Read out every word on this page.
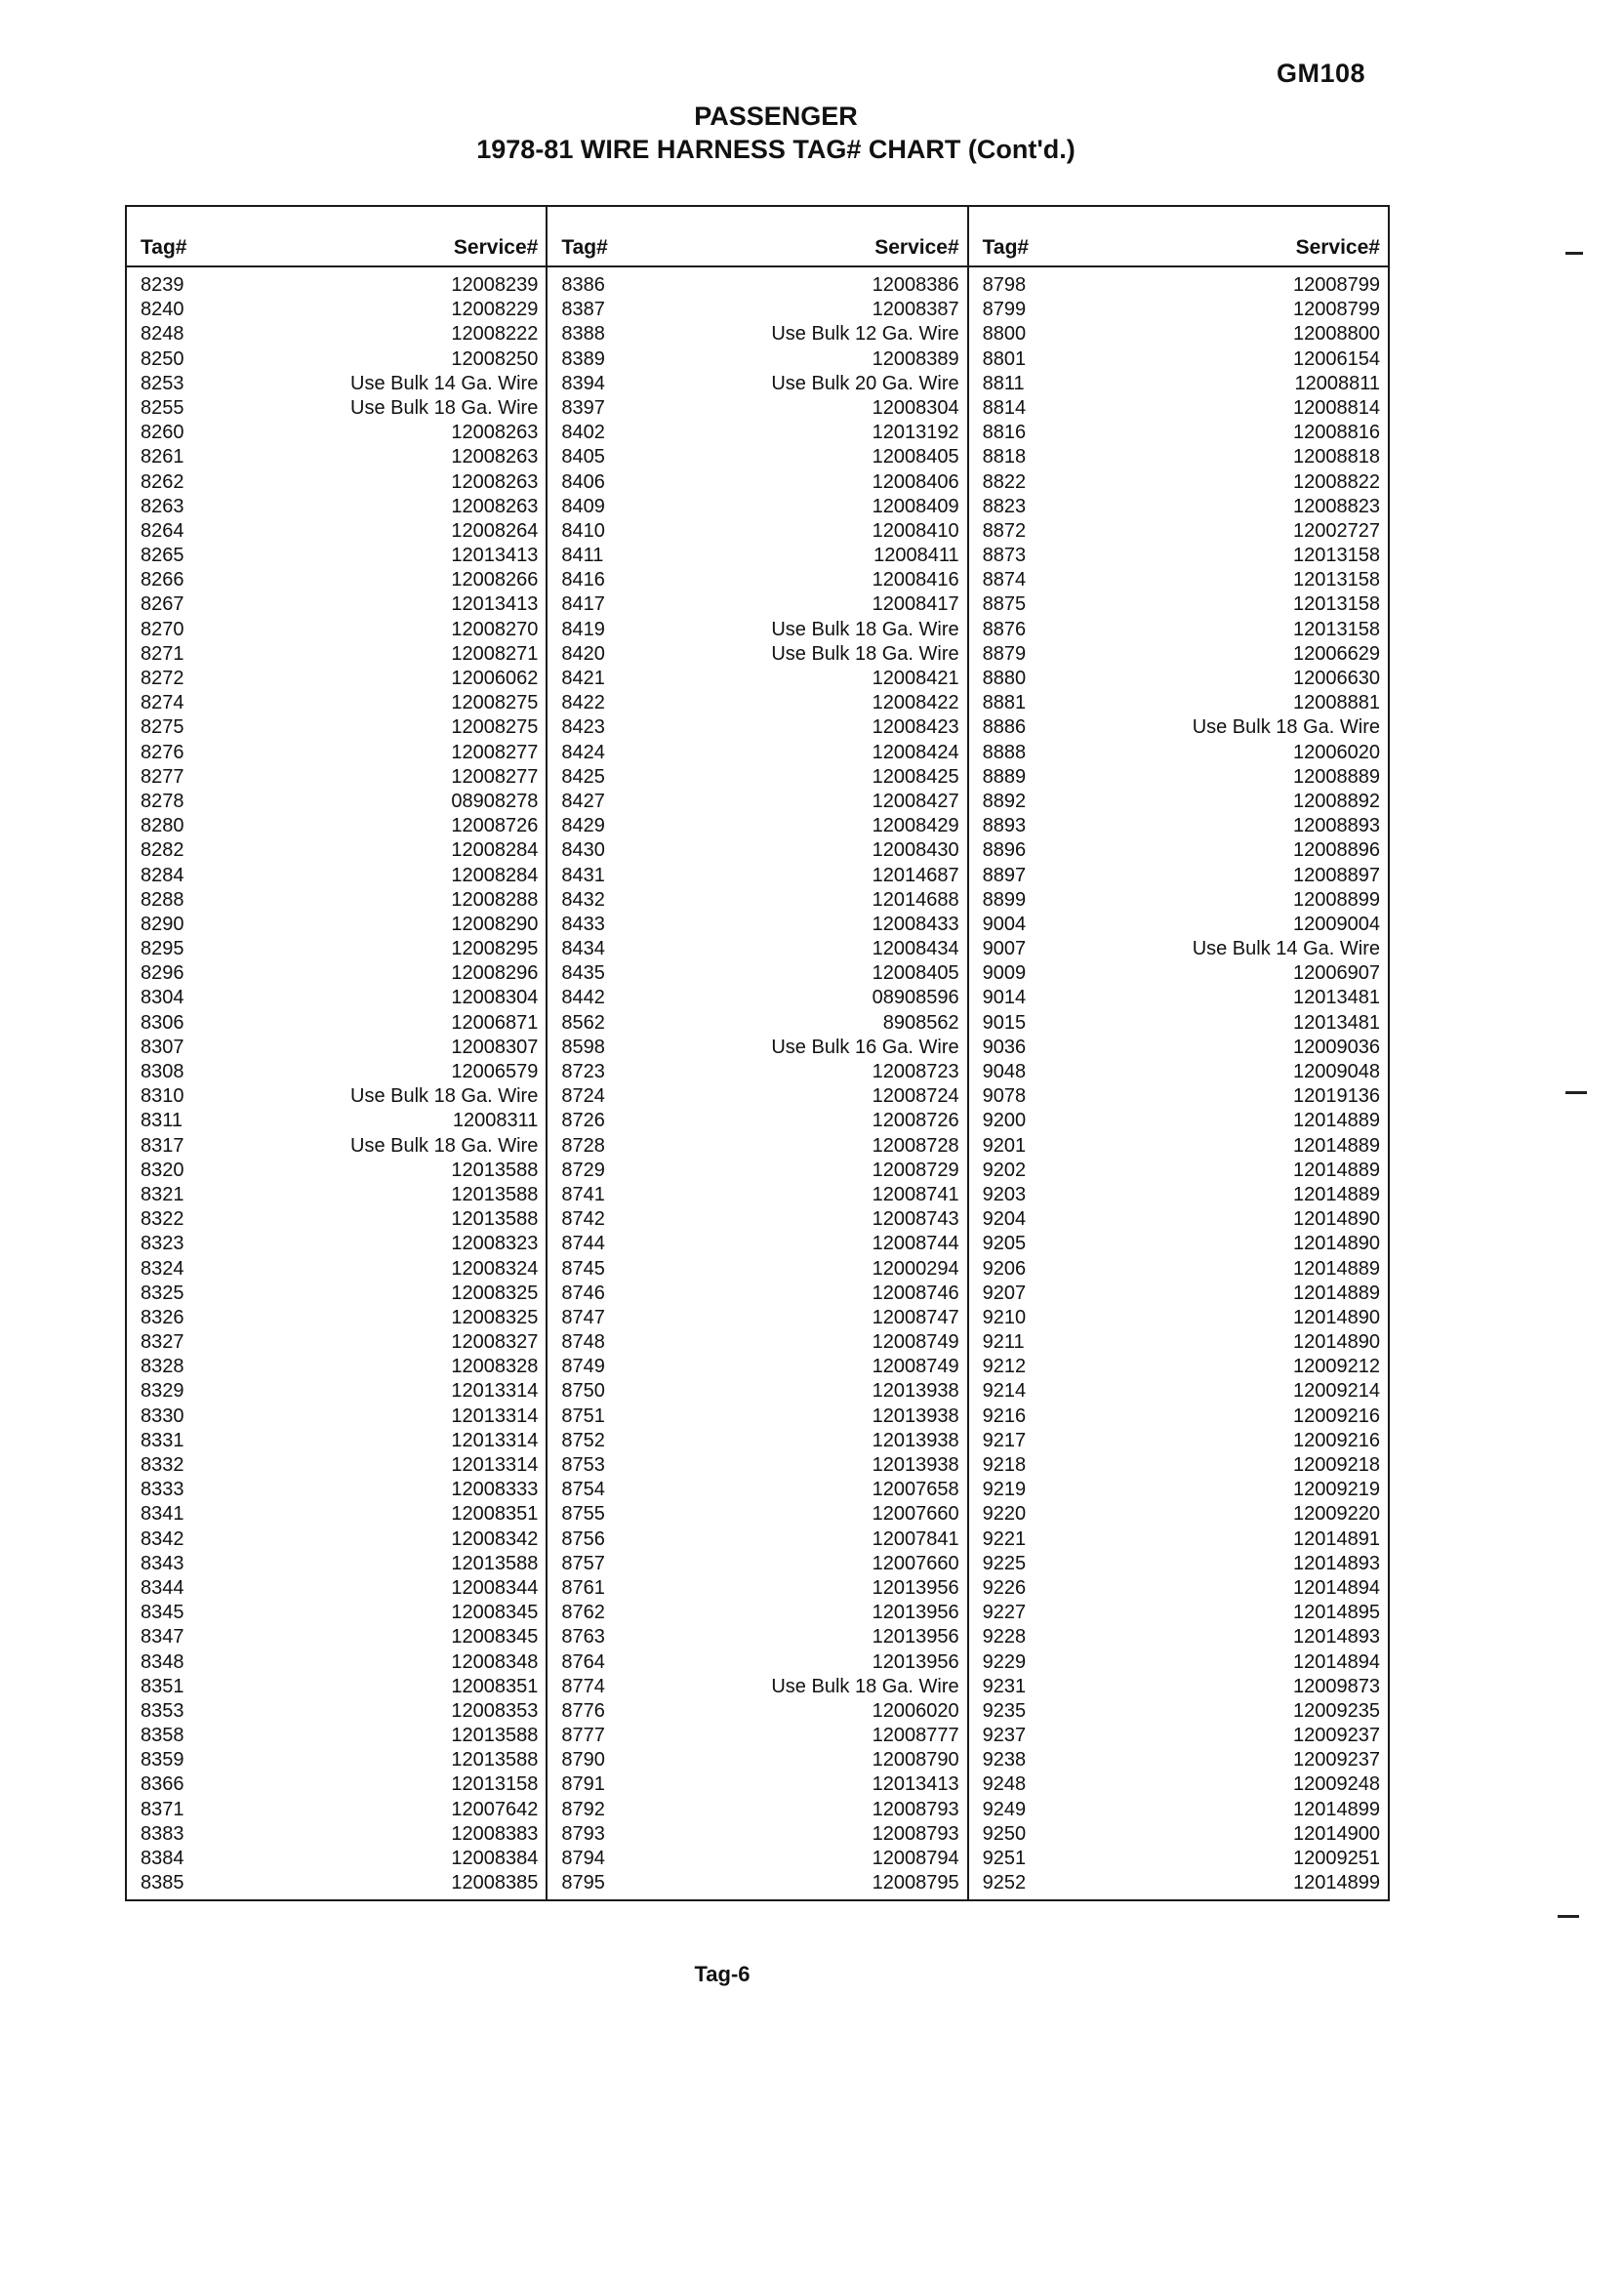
GM108
PASSENGER
1978-81 WIRE HARNESS TAG# CHART (Cont'd.)
Tag#	Service#
8239	12008239
8240	12008229
8248	12008222
8250	12008250
8253	Use Bulk 14 Ga. Wire
8255	Use Bulk 18 Ga. Wire
8260	12008263
8261	12008263
8262	12008263
8263	12008263
8264	12008264
8265	12013413
8266	12008266
8267	12013413
8270	12008270
8271	12008271
8272	12006062
8274	12008275
8275	12008275
8276	12008277
8277	12008277
8278	08908278
8280	12008726
8282	12008284
8284	12008284
8288	12008288
8290	12008290
8295	12008295
8296	12008296
8304	12008304
8306	12006871
8307	12008307
8308	12006579
8310	Use Bulk 18 Ga. Wire
8311	12008311
8317	Use Bulk 18 Ga. Wire
8320	12013588
8321	12013588
8322	12013588
8323	12008323
8324	12008324
8325	12008325
8326	12008325
8327	12008327
8328	12008328
8329	12013314
8330	12013314
8331	12013314
8332	12013314
8333	12008333
8341	12008351
8342	12008342
8343	12013588
8344	12008344
8345	12008345
8347	12008345
8348	12008348
8351	12008351
8353	12008353
8358	12013588
8359	12013588
8366	12013158
8371	12007642
8383	12008383
8384	12008384
8385	12008385
Tag#	Service#
8386	12008386
8387	12008387
8388	Use Bulk 12 Ga. Wire
8389	12008389
8394	Use Bulk 20 Ga. Wire
8397	12008304
8402	12013192
8405	12008405
8406	12008406
8409	12008409
8410	12008410
8411	12008411
8416	12008416
8417	12008417
8419	Use Bulk 18 Ga. Wire
8420	Use Bulk 18 Ga. Wire
8421	12008421
8422	12008422
8423	12008423
8424	12008424
8425	12008425
8427	12008427
8429	12008429
8430	12008430
8431	12014687
8432	12014688
8433	12008433
8434	12008434
8435	12008405
8442	08908596
8562	8908562
8598	Use Bulk 16 Ga. Wire
8723	12008723
8724	12008724
8726	12008726
8728	12008728
8729	12008729
8741	12008741
8742	12008743
8744	12008744
8745	12000294
8746	12008746
8747	12008747
8748	12008749
8749	12008749
8750	12013938
8751	12013938
8752	12013938
8753	12013938
8754	12007658
8755	12007660
8756	12007841
8757	12007660
8761	12013956
8762	12013956
8763	12013956
8764	12013956
8774	Use Bulk 18 Ga. Wire
8776	12006020
8777	12008777
8790	12008790
8791	12013413
8792	12008793
8793	12008793
8794	12008794
8795	12008795
Tag#	Service#
8798	12008799
8799	12008799
8800	12008800
8801	12006154
8811	12008811
8814	12008814
8816	12008816
8818	12008818
8822	12008822
8823	12008823
8872	12002727
8873	12013158
8874	12013158
8875	12013158
8876	12013158
8879	12006629
8880	12006630
8881	12008881
8886	Use Bulk 18 Ga. Wire
8888	12006020
8889	12008889
8892	12008892
8893	12008893
8896	12008896
8897	12008897
8899	12008899
9004	12009004
9007	Use Bulk 14 Ga. Wire
9009	12006907
9014	12013481
9015	12013481
9036	12009036
9048	12009048
9078	12019136
9200	12014889
9201	12014889
9202	12014889
9203	12014889
9204	12014890
9205	12014890
9206	12014889
9207	12014889
9210	12014890
9211	12014890
9212	12009212
9214	12009214
9216	12009216
9217	12009216
9218	12009218
9219	12009219
9220	12009220
9221	12014891
9225	12014893
9226	12014894
9227	12014895
9228	12014893
9229	12014894
9231	12009873
9235	12009235
9237	12009237
9238	12009237
9248	12009248
9249	12014899
9250	12014900
9251	12009251
9252	12014899
Tag-6
